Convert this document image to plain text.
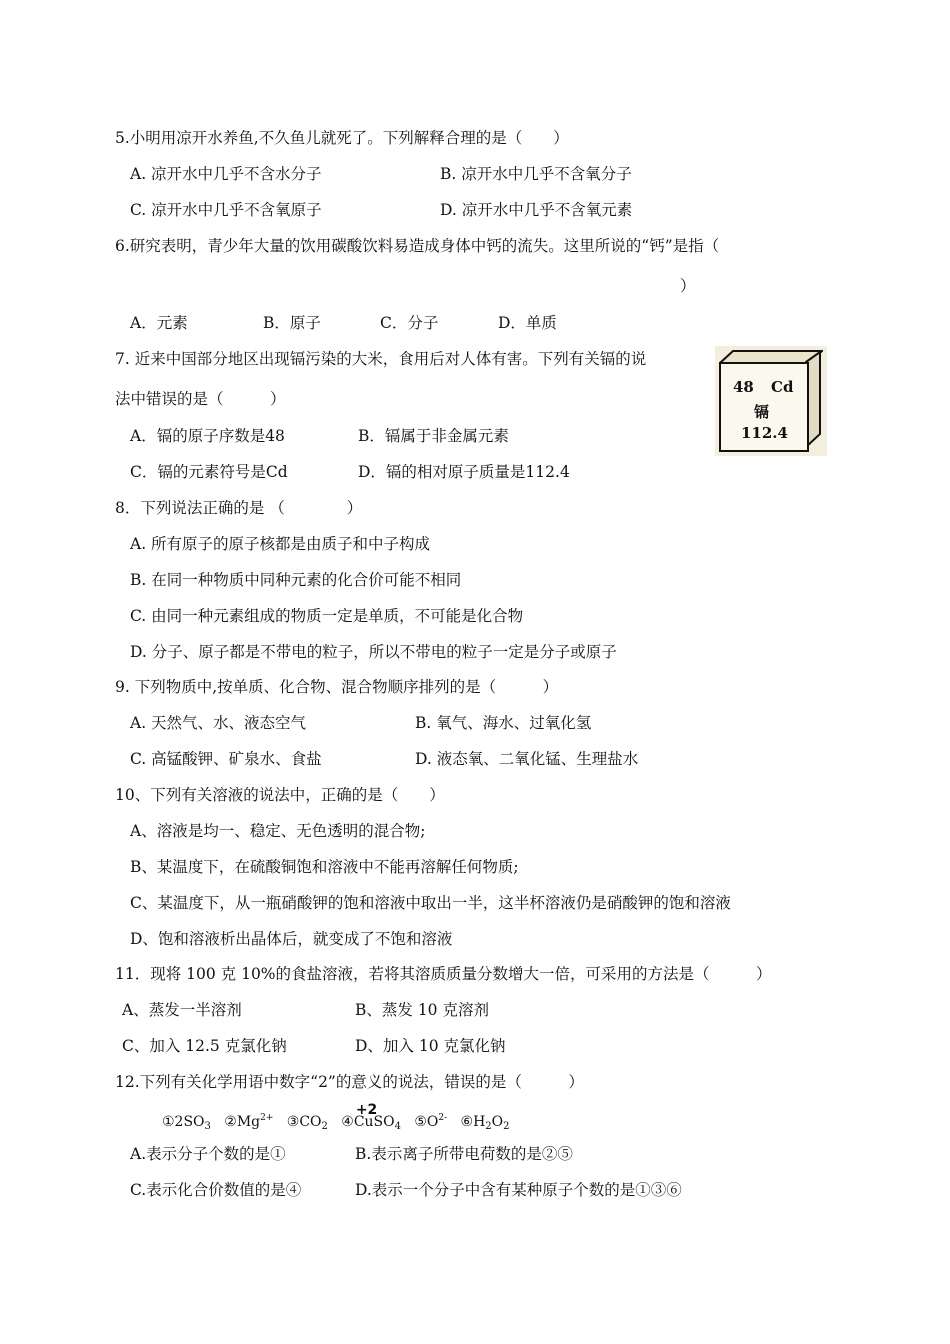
5.小明用凉开水养鱼,不久鱼儿就死了。下列解释合理的是（　　）
A. 凉开水中几乎不含水分子	B. 凉开水中几乎不含氧分子
C. 凉开水中几乎不含氧原子	D. 凉开水中几乎不含氧元素
6.研究表明，青少年大量的饮用碳酸饮料易造成身体中钙的流失。这里所说的“钙”是指（
）
A．元素	B．原子	C．分子	D．单质
7. 近来中国部分地区出现镉污染的大米，食用后对人体有害。下列有关镉的说
法中错误的是（　　　）
A．镉的原子序数是48	B．镉属于非金属元素
C．镉的元素符号是Cd	D．镉的相对原子质量是112.4
48 Cd
镉
112.4
8．下列说法正确的是 （　　　　）
A. 所有原子的原子核都是由质子和中子构成
B. 在同一种物质中同种元素的化合价可能不相同
C. 由同一种元素组成的物质一定是单质，不可能是化合物
D. 分子、原子都是不带电的粒子，所以不带电的粒子一定是分子或原子
9. 下列物质中,按单质、化合物、混合物顺序排列的是（　　　）
A. 天然气、水、液态空气	B. 氧气、海水、过氧化氢
C. 高锰酸钾、矿泉水、食盐	D. 液态氧、二氧化锰、生理盐水
10、下列有关溶液的说法中，正确的是（　　）
A、溶液是均一、稳定、无色透明的混合物;
B、某温度下，在硫酸铜饱和溶液中不能再溶解任何物质;
C、某温度下，从一瓶硝酸钾的饱和溶液中取出一半，这半杯溶液仍是硝酸钾的饱和溶液
D、饱和溶液析出晶体后，就变成了不饱和溶液
11．现将 100 克 10%的食盐溶液，若将其溶质质量分数增大一倍，可采用的方法是（　　　）
A、蒸发一半溶剂	B、蒸发 10 克溶剂
C、加入 12.5 克氯化钠	D、加入 10 克氯化钠
12.下列有关化学用语中数字“2”的意义的说法，错误的是（　　　）
$①2SO_3$ $②Mg^{2+}$ $③CO_2$ ④
+2
CuSO$_4$ $⑤O^{2-}$ $⑥H_2O_2$
A.表示分子个数的是①	B.表示离子所带电荷数的是②⑤
C.表示化合价数值的是④	D.表示一个分子中含有某种原子个数的是①③⑥
